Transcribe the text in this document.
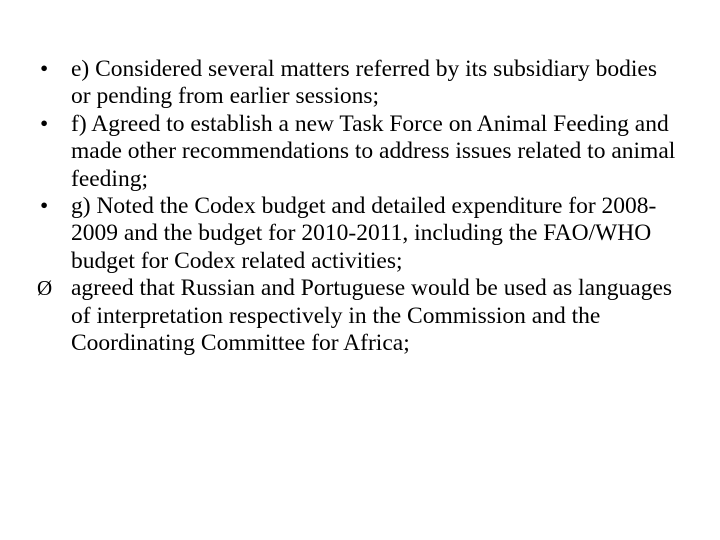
• e) Considered several matters referred by its subsidiary bodies or pending from earlier sessions;
• f) Agreed to establish a new Task Force on Animal Feeding and made other recommendations to address issues related to animal feeding;
• g) Noted the Codex budget and detailed expenditure for 2008-2009 and the budget for 2010-2011, including the FAO/WHO budget for Codex related activities;
Ø agreed that Russian and Portuguese would be used as languages of interpretation respectively in the Commission and the Coordinating Committee for Africa;
